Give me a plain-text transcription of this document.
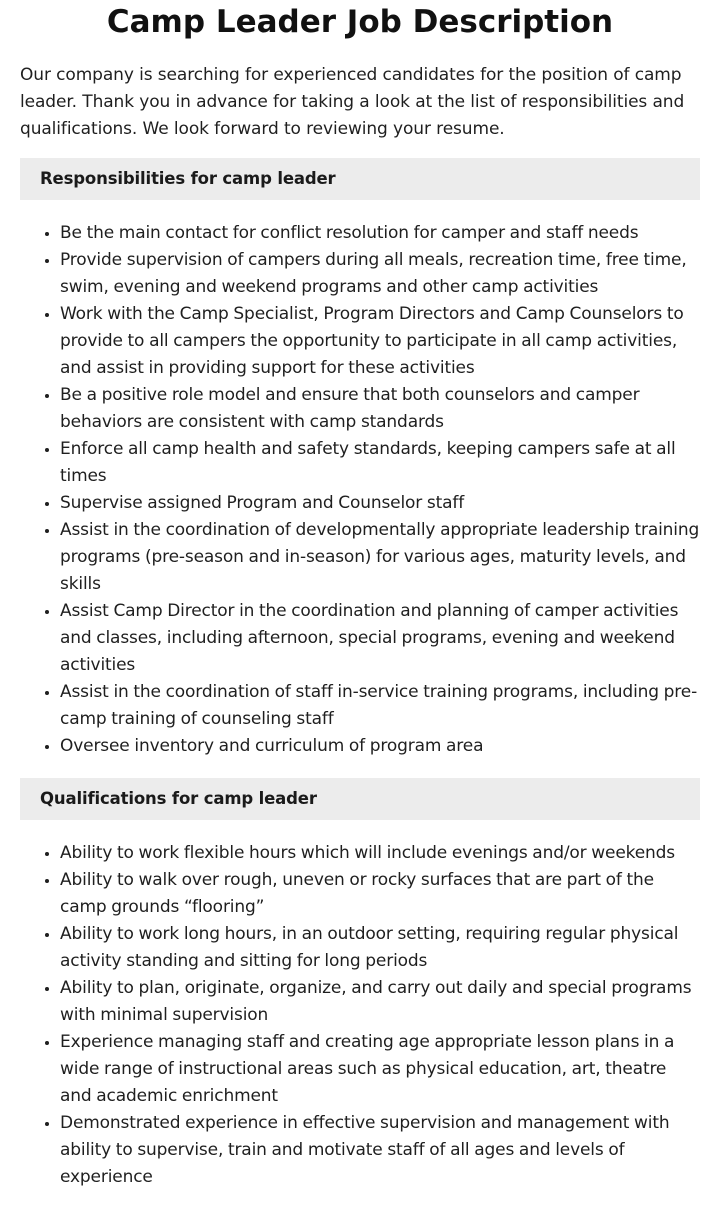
Camp Leader Job Description

Our company is searching for experienced candidates for the position of camp leader. Thank you in advance for taking a look at the list of responsibilities and qualifications. We look forward to reviewing your resume.

Responsibilities for camp leader
• Be the main contact for conflict resolution for camper and staff needs
• Provide supervision of campers during all meals, recreation time, free time, swim, evening and weekend programs and other camp activities
• Work with the Camp Specialist, Program Directors and Camp Counselors to provide to all campers the opportunity to participate in all camp activities, and assist in providing support for these activities
• Be a positive role model and ensure that both counselors and camper behaviors are consistent with camp standards
• Enforce all camp health and safety standards, keeping campers safe at all times
• Supervise assigned Program and Counselor staff
• Assist in the coordination of developmentally appropriate leadership training programs (pre-season and in-season) for various ages, maturity levels, and skills
• Assist Camp Director in the coordination and planning of camper activities and classes, including afternoon, special programs, evening and weekend activities
• Assist in the coordination of staff in-service training programs, including pre-camp training of counseling staff
• Oversee inventory and curriculum of program area
Qualifications for camp leader
• Ability to work flexible hours which will include evenings and/or weekends
• Ability to walk over rough, uneven or rocky surfaces that are part of the camp grounds “flooring”
• Ability to work long hours, in an outdoor setting, requiring regular physical activity standing and sitting for long periods
• Ability to plan, originate, organize, and carry out daily and special programs with minimal supervision
• Experience managing staff and creating age appropriate lesson plans in a wide range of instructional areas such as physical education, art, theatre and academic enrichment
• Demonstrated experience in effective supervision and management with ability to supervise, train and motivate staff of all ages and levels of experience
